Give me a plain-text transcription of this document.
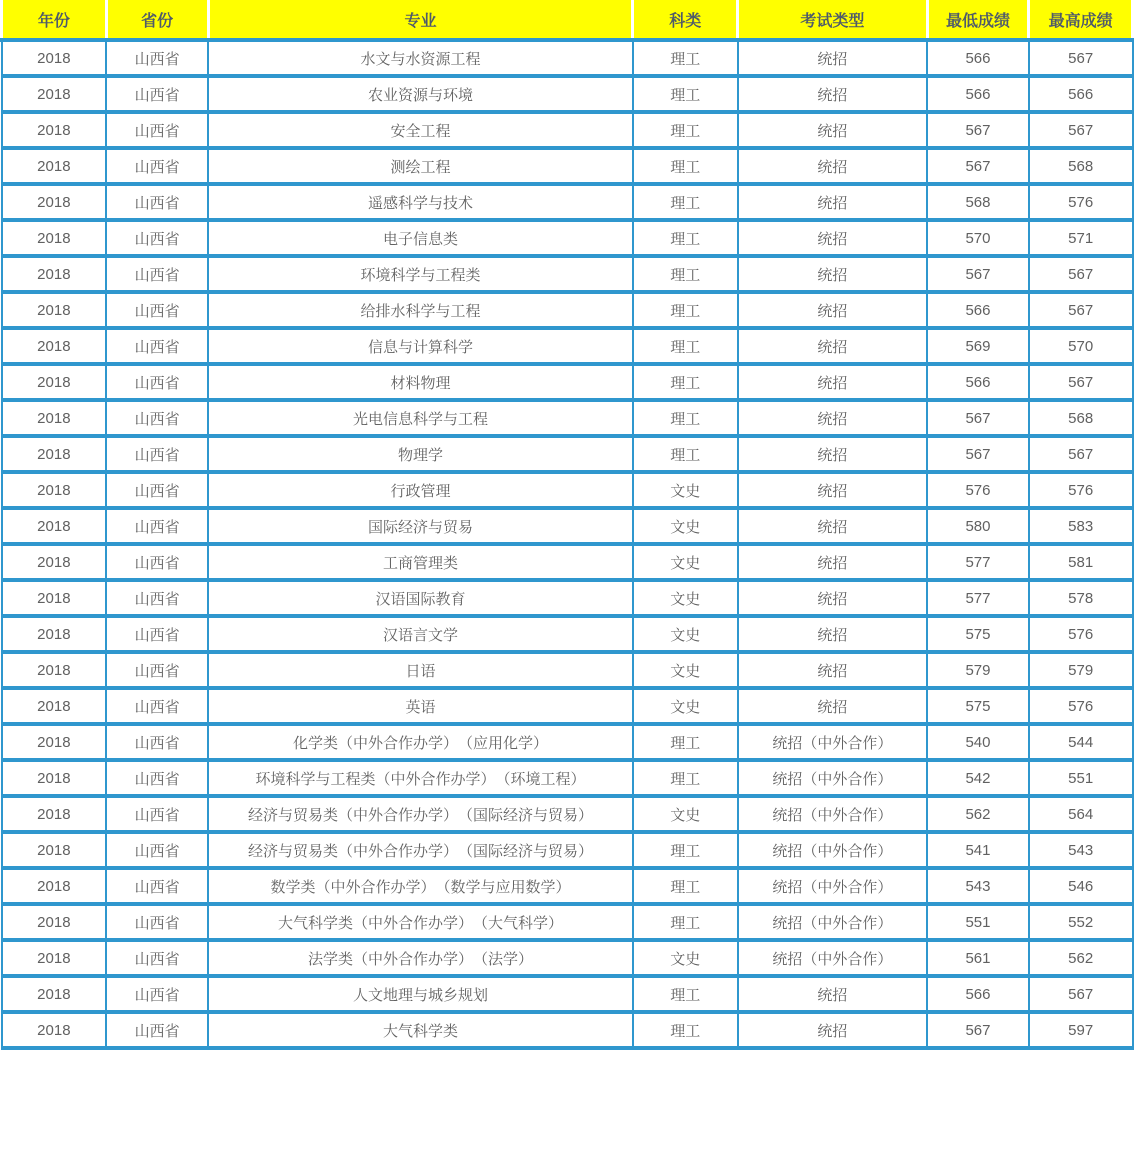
年份	省份	专业	科类	考试类型	最低成绩	最高成绩
2018	山西省	水文与水资源工程	理工	统招	566	567
2018	山西省	农业资源与环境	理工	统招	566	566
2018	山西省	安全工程	理工	统招	567	567
2018	山西省	测绘工程	理工	统招	567	568
2018	山西省	遥感科学与技术	理工	统招	568	576
2018	山西省	电子信息类	理工	统招	570	571
2018	山西省	环境科学与工程类	理工	统招	567	567
2018	山西省	给排水科学与工程	理工	统招	566	567
2018	山西省	信息与计算科学	理工	统招	569	570
2018	山西省	材料物理	理工	统招	566	567
2018	山西省	光电信息科学与工程	理工	统招	567	568
2018	山西省	物理学	理工	统招	567	567
2018	山西省	行政管理	文史	统招	576	576
2018	山西省	国际经济与贸易	文史	统招	580	583
2018	山西省	工商管理类	文史	统招	577	581
2018	山西省	汉语国际教育	文史	统招	577	578
2018	山西省	汉语言文学	文史	统招	575	576
2018	山西省	日语	文史	统招	579	579
2018	山西省	英语	文史	统招	575	576
2018	山西省	化学类（中外合作办学）　（应用化学）	理工	统招（中外合作）	540	544
2018	山西省	环境科学与工程类（中外合作办学）　（环境工程）	理工	统招（中外合作）	542	551
2018	山西省	经济与贸易类（中外合作办学）　（国际经济与贸易）	文史	统招（中外合作）	562	564
2018	山西省	经济与贸易类（中外合作办学）　（国际经济与贸易）	理工	统招（中外合作）	541	543
2018	山西省	数学类（中外合作办学）　（数学与应用数学）	理工	统招（中外合作）	543	546
2018	山西省	大气科学类（中外合作办学）　（大气科学）	理工	统招（中外合作）	551	552
2018	山西省	法学类（中外合作办学）　（法学）	文史	统招（中外合作）	561	562
2018	山西省	人文地理与城乡规划	理工	统招	566	567
2018	山西省	大气科学类	理工	统招	567	597
